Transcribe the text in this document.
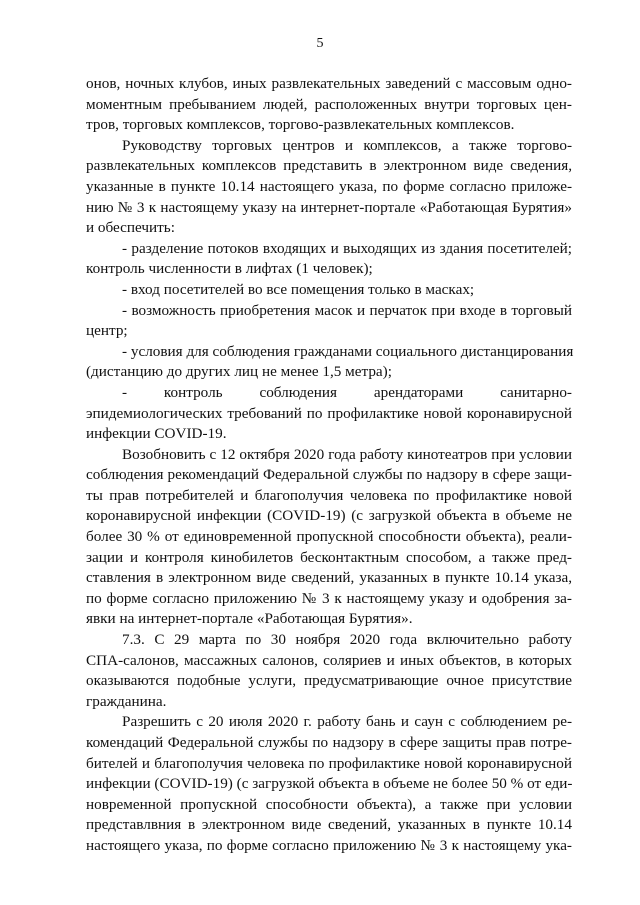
5
онов, ночных клубов, иных развлекательных заведений с массовым одно-
моментным пребыванием людей, расположенных внутри торговых цен-
тров, торговых комплексов, торгово-развлекательных комплексов.
Руководству торговых центров и комплексов, а также торгово-
развлекательных комплексов представить в электронном виде сведения,
указанные в пункте 10.14 настоящего указа, по форме согласно приложе-
нию № 3 к настоящему указу на интернет-портале «Работающая Бурятия»
и обеспечить:
- разделение потоков входящих и выходящих из здания посетителей;
контроль численности в лифтах (1 человек);
- вход посетителей во все помещения только в масках;
- возможность приобретения масок и перчаток при входе в торговый
центр;
- условия для соблюдения гражданами социального дистанцирования
(дистанцию до других лиц не менее 1,5 метра);
- контроль соблюдения арендаторами санитарно-
эпидемиологических требований по профилактике новой коронавирусной
инфекции COVID-19.
Возобновить с 12 октября 2020 года работу кинотеатров при условии
соблюдения рекомендаций Федеральной службы по надзору в сфере защи-
ты прав потребителей и благополучия человека по профилактике новой
коронавирусной инфекции (COVID-19) (с загрузкой объекта в объеме не
более 30 % от единовременной пропускной способности объекта), реали-
зации и контроля кинобилетов бесконтактным способом, а также пред-
ставления в электронном виде сведений, указанных в пункте 10.14 указа,
по форме согласно приложению № 3 к настоящему указу и одобрения за-
явки на интернет-портале «Работающая Бурятия».
7.3. С 29 марта по 30 ноября 2020 года включительно работу
СПА-салонов, массажных салонов, соляриев и иных объектов, в которых
оказываются подобные услуги, предусматривающие очное присутствие
гражданина.
Разрешить с 20 июля 2020 г. работу бань и саун с соблюдением ре-
комендаций Федеральной службы по надзору в сфере защиты прав потре-
бителей и благополучия человека по профилактике новой коронавирусной
инфекции (COVID-19) (с загрузкой объекта в объеме не более 50 % от еди-
новременной пропускной способности объекта), а также при условии
представлвния в электронном виде сведений, указанных в пункте 10.14
настоящего указа, по форме согласно приложению № 3 к настоящему ука-
